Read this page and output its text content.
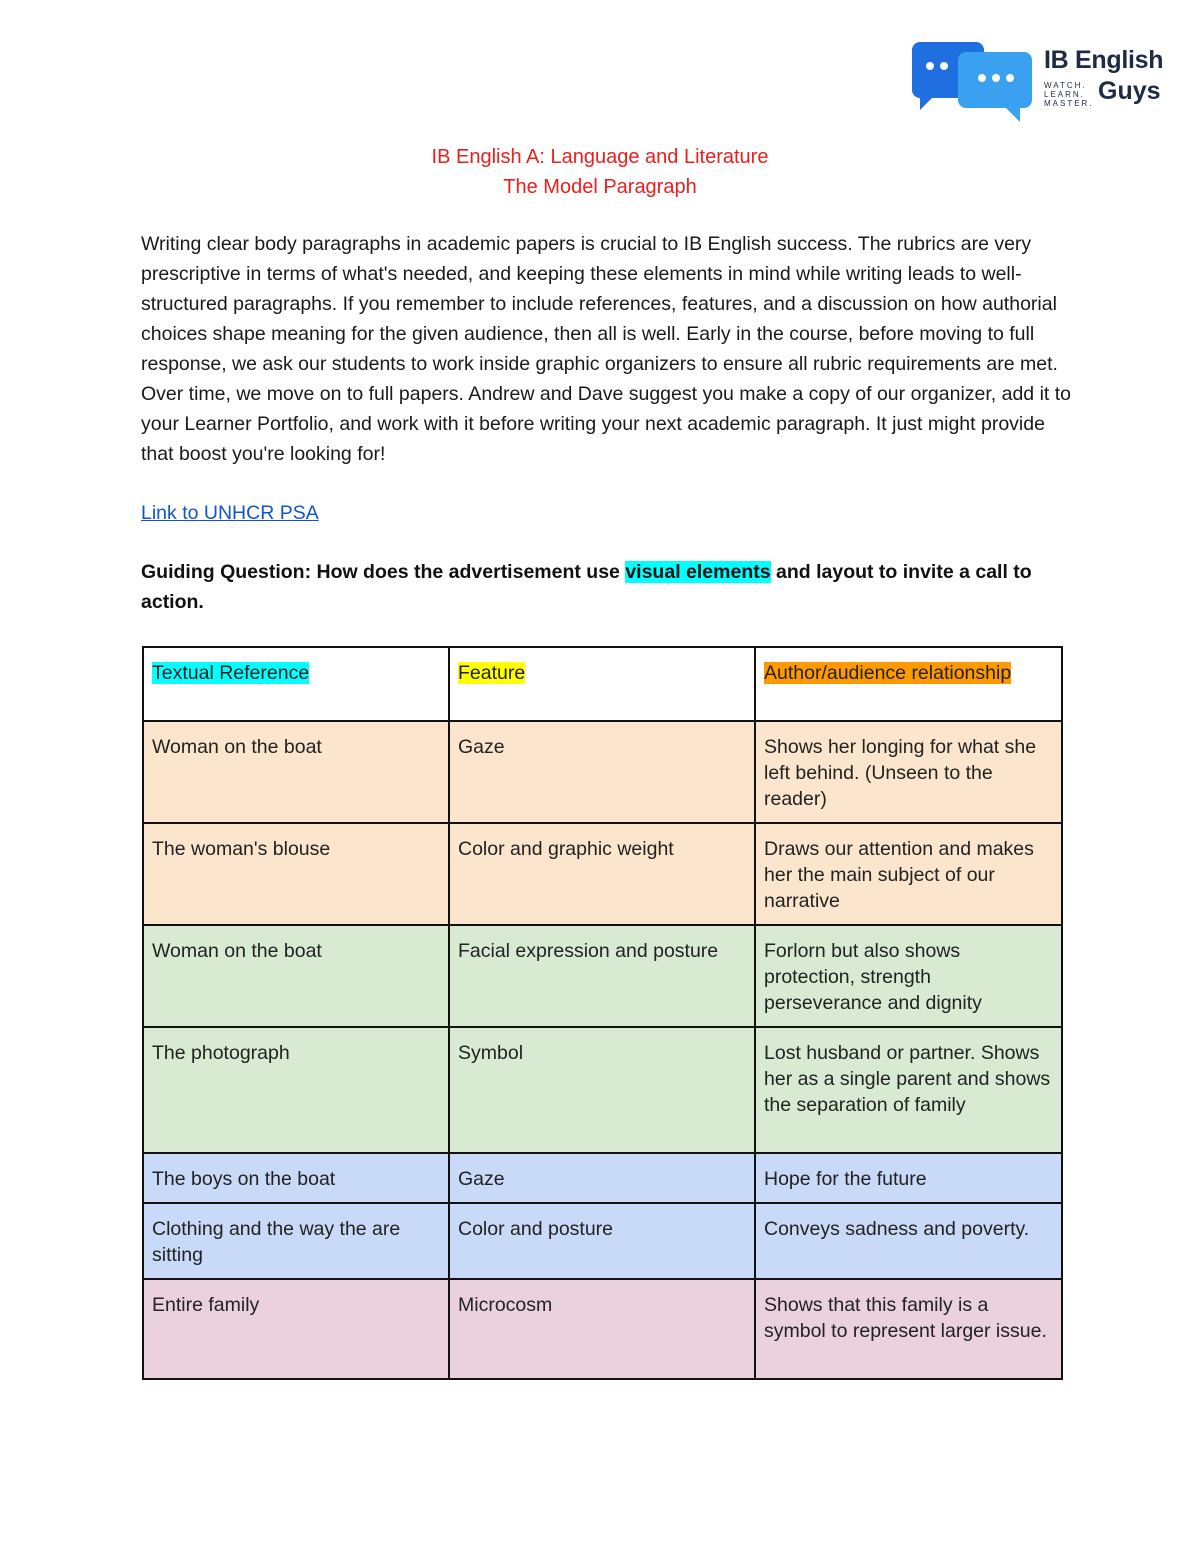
IB English
WATCH.
LEARN.
MASTER. Guys
IB English A: Language and Literature
The Model Paragraph

Writing clear body paragraphs in academic papers is crucial to IB English success. The rubrics are very prescriptive in terms of what's needed, and keeping these elements in mind while writing leads to well-structured paragraphs. If you remember to include references, features, and a discussion on how authorial choices shape meaning for the given audience, then all is well. Early in the course, before moving to full response, we ask our students to work inside graphic organizers to ensure all rubric requirements are met. Over time, we move on to full papers. Andrew and Dave suggest you make a copy of our organizer, add it to your Learner Portfolio, and work with it before writing your next academic paragraph. It just might provide that boost you're looking for!

Link to UNHCR PSA

Guiding Question: How does the advertisement use visual elements and layout to invite a call to action.

Textual Reference	Feature	Author/audience relationship
Woman on the boat	Gaze	Shows her longing for what she left behind. (Unseen to the reader)
The woman's blouse	Color and graphic weight	Draws our attention and makes her the main subject of our narrative
Woman on the boat	Facial expression and posture	Forlorn but also shows protection, strength perseverance and dignity
The photograph	Symbol	Lost husband or partner. Shows her as a single parent and shows the separation of family
The boys on the boat	Gaze	Hope for the future
Clothing and the way the are sitting	Color and posture	Conveys sadness and poverty.
Entire family	Microcosm	Shows that this family is a symbol to represent larger issue.
